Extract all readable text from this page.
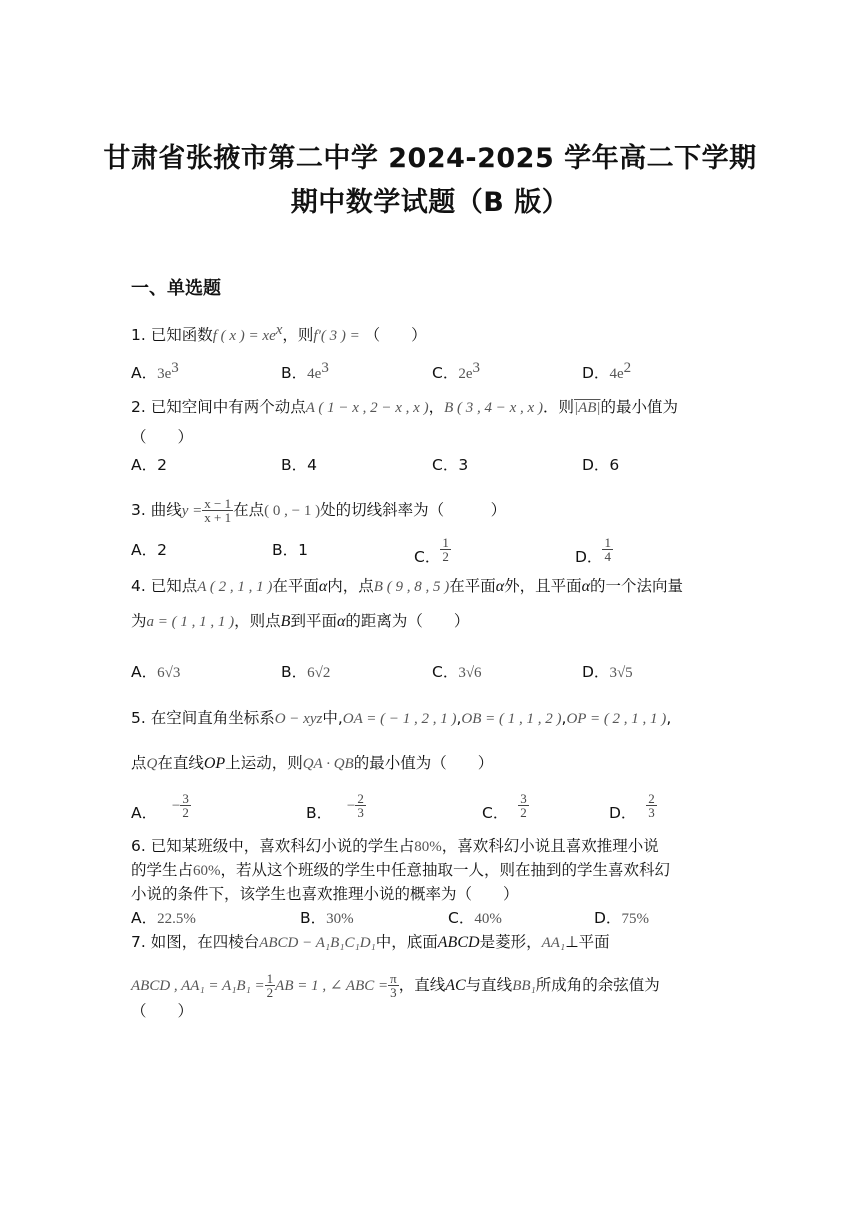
甘肃省张掖市第二中学 2024-2025 学年高二下学期
期中数学试题（B 版）
一、单选题
1. 已知函数f ( x ) = $xe^x$，则f′( 3 ) = （　　）
A．$3e^3$	B．$4e^3$	C．$2e^3$	D．$4e^2$
2. 已知空间中有两个动点A ( 1 − x , 2 − x , x )，B ( 3 , 4 − x , x )．则|AB|的最小值为
（　　）
A．2	B．4	C．3	D．6
3. 曲线$y = \frac{x - 1}{x + 1}$ 在点( 0 , − 1 )处的切线斜率为（　　　）
A．2	B．1	C． $\frac{1}{2}$	D． $\frac{1}{4}$
4. 已知点A ( 2 , 1 , 1 )在平面α内，点B ( 9 , 8 , 5 )在平面α外，且平面α的一个法向量
为a = ( 1 , 1 , 1 )，则点B到平面α的距离为（　　）
A．6√3	B．6√2	C．3√6	D．3√5
5. 在空间直角坐标系O − xyz中,OA = ( − 1 , 2 , 1 ),OB = ( 1 , 1 , 2 ),OP = ( 2 , 1 , 1 ),
点Q在直线OP上运动，则QA · QB的最小值为（　　）
A． − $\frac{3}{2}$	B． − $\frac{2}{3}$	C． $\frac{3}{2}$	D． $\frac{2}{3}$
6. 已知某班级中，喜欢科幻小说的学生占80%，喜欢科幻小说且喜欢推理小说
的学生占60%，若从这个班级的学生中任意抽取一人，则在抽到的学生喜欢科幻
小说的条件下，该学生也喜欢推理小说的概率为（　　）
A．22.5%	B．30%	C．40%	D．75%
7. 如图，在四棱台ABCD − A₁B₁C₁D₁中，底面ABCD是菱形，AA₁⊥平面
ABCD , $AA_1 = A_1B_1 = \frac{1}{2}$ AB = 1 , ∠ ABC = $\frac{\pi}{3}$ ，直线AC与直线BB₁所成角的余弦值为
（　　）
